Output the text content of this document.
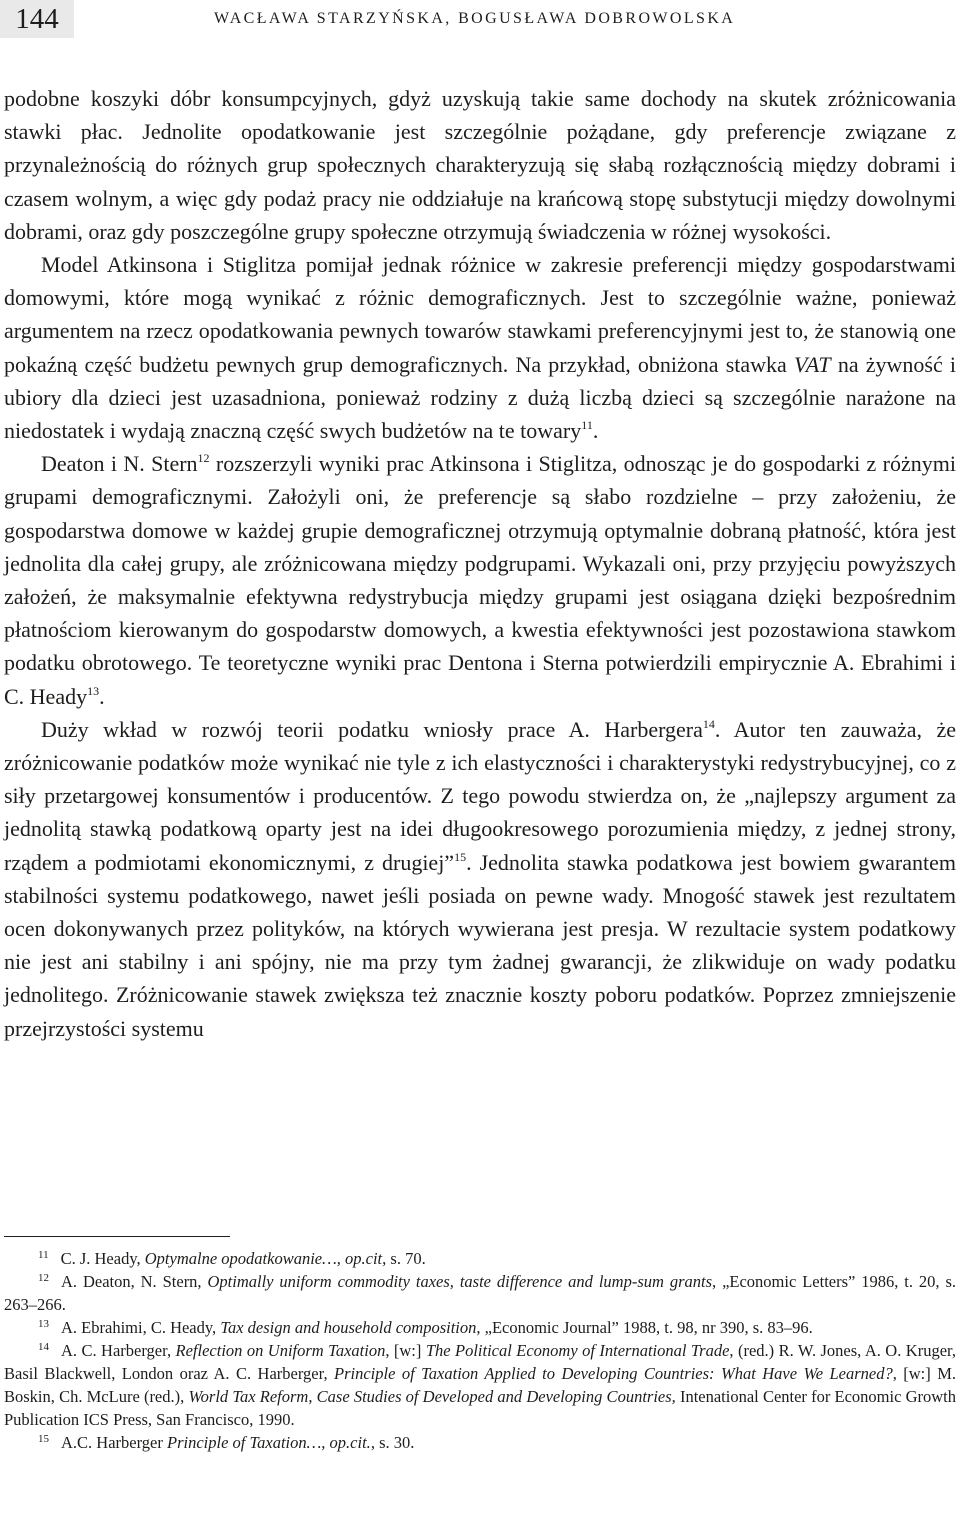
144	WACŁAWA STARZYŃSKA, BOGUSŁAWA DOBROWOLSKA

podobne koszyki dóbr konsumpcyjnych, gdyż uzyskują takie same dochody na skutek zróżnicowania stawki płac. Jednolite opodatkowanie jest szczególnie pożądane, gdy preferencje związane z przynależnością do różnych grup społecznych charakteryzują się słabą rozłącznością między dobrami i czasem wolnym, a więc gdy podaż pracy nie oddziałuje na krańcową stopę substytucji między dowolnymi dobrami, oraz gdy poszczególne grupy społeczne otrzymują świadczenia w różnej wysokości.

Model Atkinsona i Stiglitza pomijał jednak różnice w zakresie preferencji między gospodarstwami domowymi, które mogą wynikać z różnic demograficznych. Jest to szczególnie ważne, ponieważ argumentem na rzecz opodatkowania pewnych towarów stawkami preferencyjnymi jest to, że stanowią one pokaźną część budżetu pewnych grup demograficznych. Na przykład, obniżona stawka VAT na żywność i ubiory dla dzieci jest uzasadniona, ponieważ rodziny z dużą liczbą dzieci są szczególnie narażone na niedostatek i wydają znaczną część swych budżetów na te towary$^{11}$.

Deaton i N. Stern$^{12}$ rozszerzyli wyniki prac Atkinsona i Stiglitza, odnosząc je do gospodarki z różnymi grupami demograficznymi. Założyli oni, że preferencje są słabo rozdzielne – przy założeniu, że gospodarstwa domowe w każdej grupie demograficznej otrzymują optymalnie dobraną płatność, która jest jednolita dla całej grupy, ale zróżnicowana między podgrupami. Wykazali oni, przy przyjęciu powyższych założeń, że maksymalnie efektywna redystrybucja między grupami jest osiągana dzięki bezpośrednim płatnościom kierowanym do gospodarstw domowych, a kwestia efektywności jest pozostawiona stawkom podatku obrotowego. Te teoretyczne wyniki prac Dentona i Sterna potwierdzili empirycznie A. Ebrahimi i C. Heady$^{13}$.

Duży wkład w rozwój teorii podatku wniosły prace A. Harbergera$^{14}$. Autor ten zauważa, że zróżnicowanie podatków może wynikać nie tyle z ich elastyczności i charakterystyki redystrybucyjnej, co z siły przetargowej konsumentów i producentów. Z tego powodu stwierdza on, że „najlepszy argument za jednolitą stawką podatkową oparty jest na idei długookresowego porozumienia między, z jednej strony, rządem a podmiotami ekonomicznymi, z drugiej”$^{15}$. Jednolita stawka podatkowa jest bowiem gwarantem stabilności systemu podatkowego, nawet jeśli posiada on pewne wady. Mnogość stawek jest rezultatem ocen dokonywanych przez polityków, na których wywierana jest presja. W rezultacie system podatkowy nie jest ani stabilny i ani spójny, nie ma przy tym żadnej gwarancji, że zlikwiduje on wady podatku jednolitego. Zróżnicowanie stawek zwiększa też znacznie koszty poboru podatków. Poprzez zmniejszenie przejrzystości systemu

$^{11}$ C. J. Heady, Optymalne opodatkowanie…, op.cit, s. 70.

$^{12}$ A. Deaton, N. Stern, Optimally uniform commodity taxes, taste difference and lump-sum grants, „Economic Letters” 1986, t. 20, s. 263–266.

$^{13}$ A. Ebrahimi, C. Heady, Tax design and household composition, „Economic Journal” 1988, t. 98, nr 390, s. 83–96.

$^{14}$ A. C. Harberger, Reflection on Uniform Taxation, [w:] The Political Economy of International Trade, (red.) R. W. Jones, A. O. Kruger, Basil Blackwell, London oraz A. C. Harberger, Principle of Taxation Applied to Developing Countries: What Have We Learned?, [w:] M. Boskin, Ch. McLure (red.), World Tax Reform, Case Studies of Developed and Developing Countries, Intenational Center for Economic Growth Publication ICS Press, San Francisco, 1990.

$^{15}$ A.C. Harberger Principle of Taxation…, op.cit., s. 30.
